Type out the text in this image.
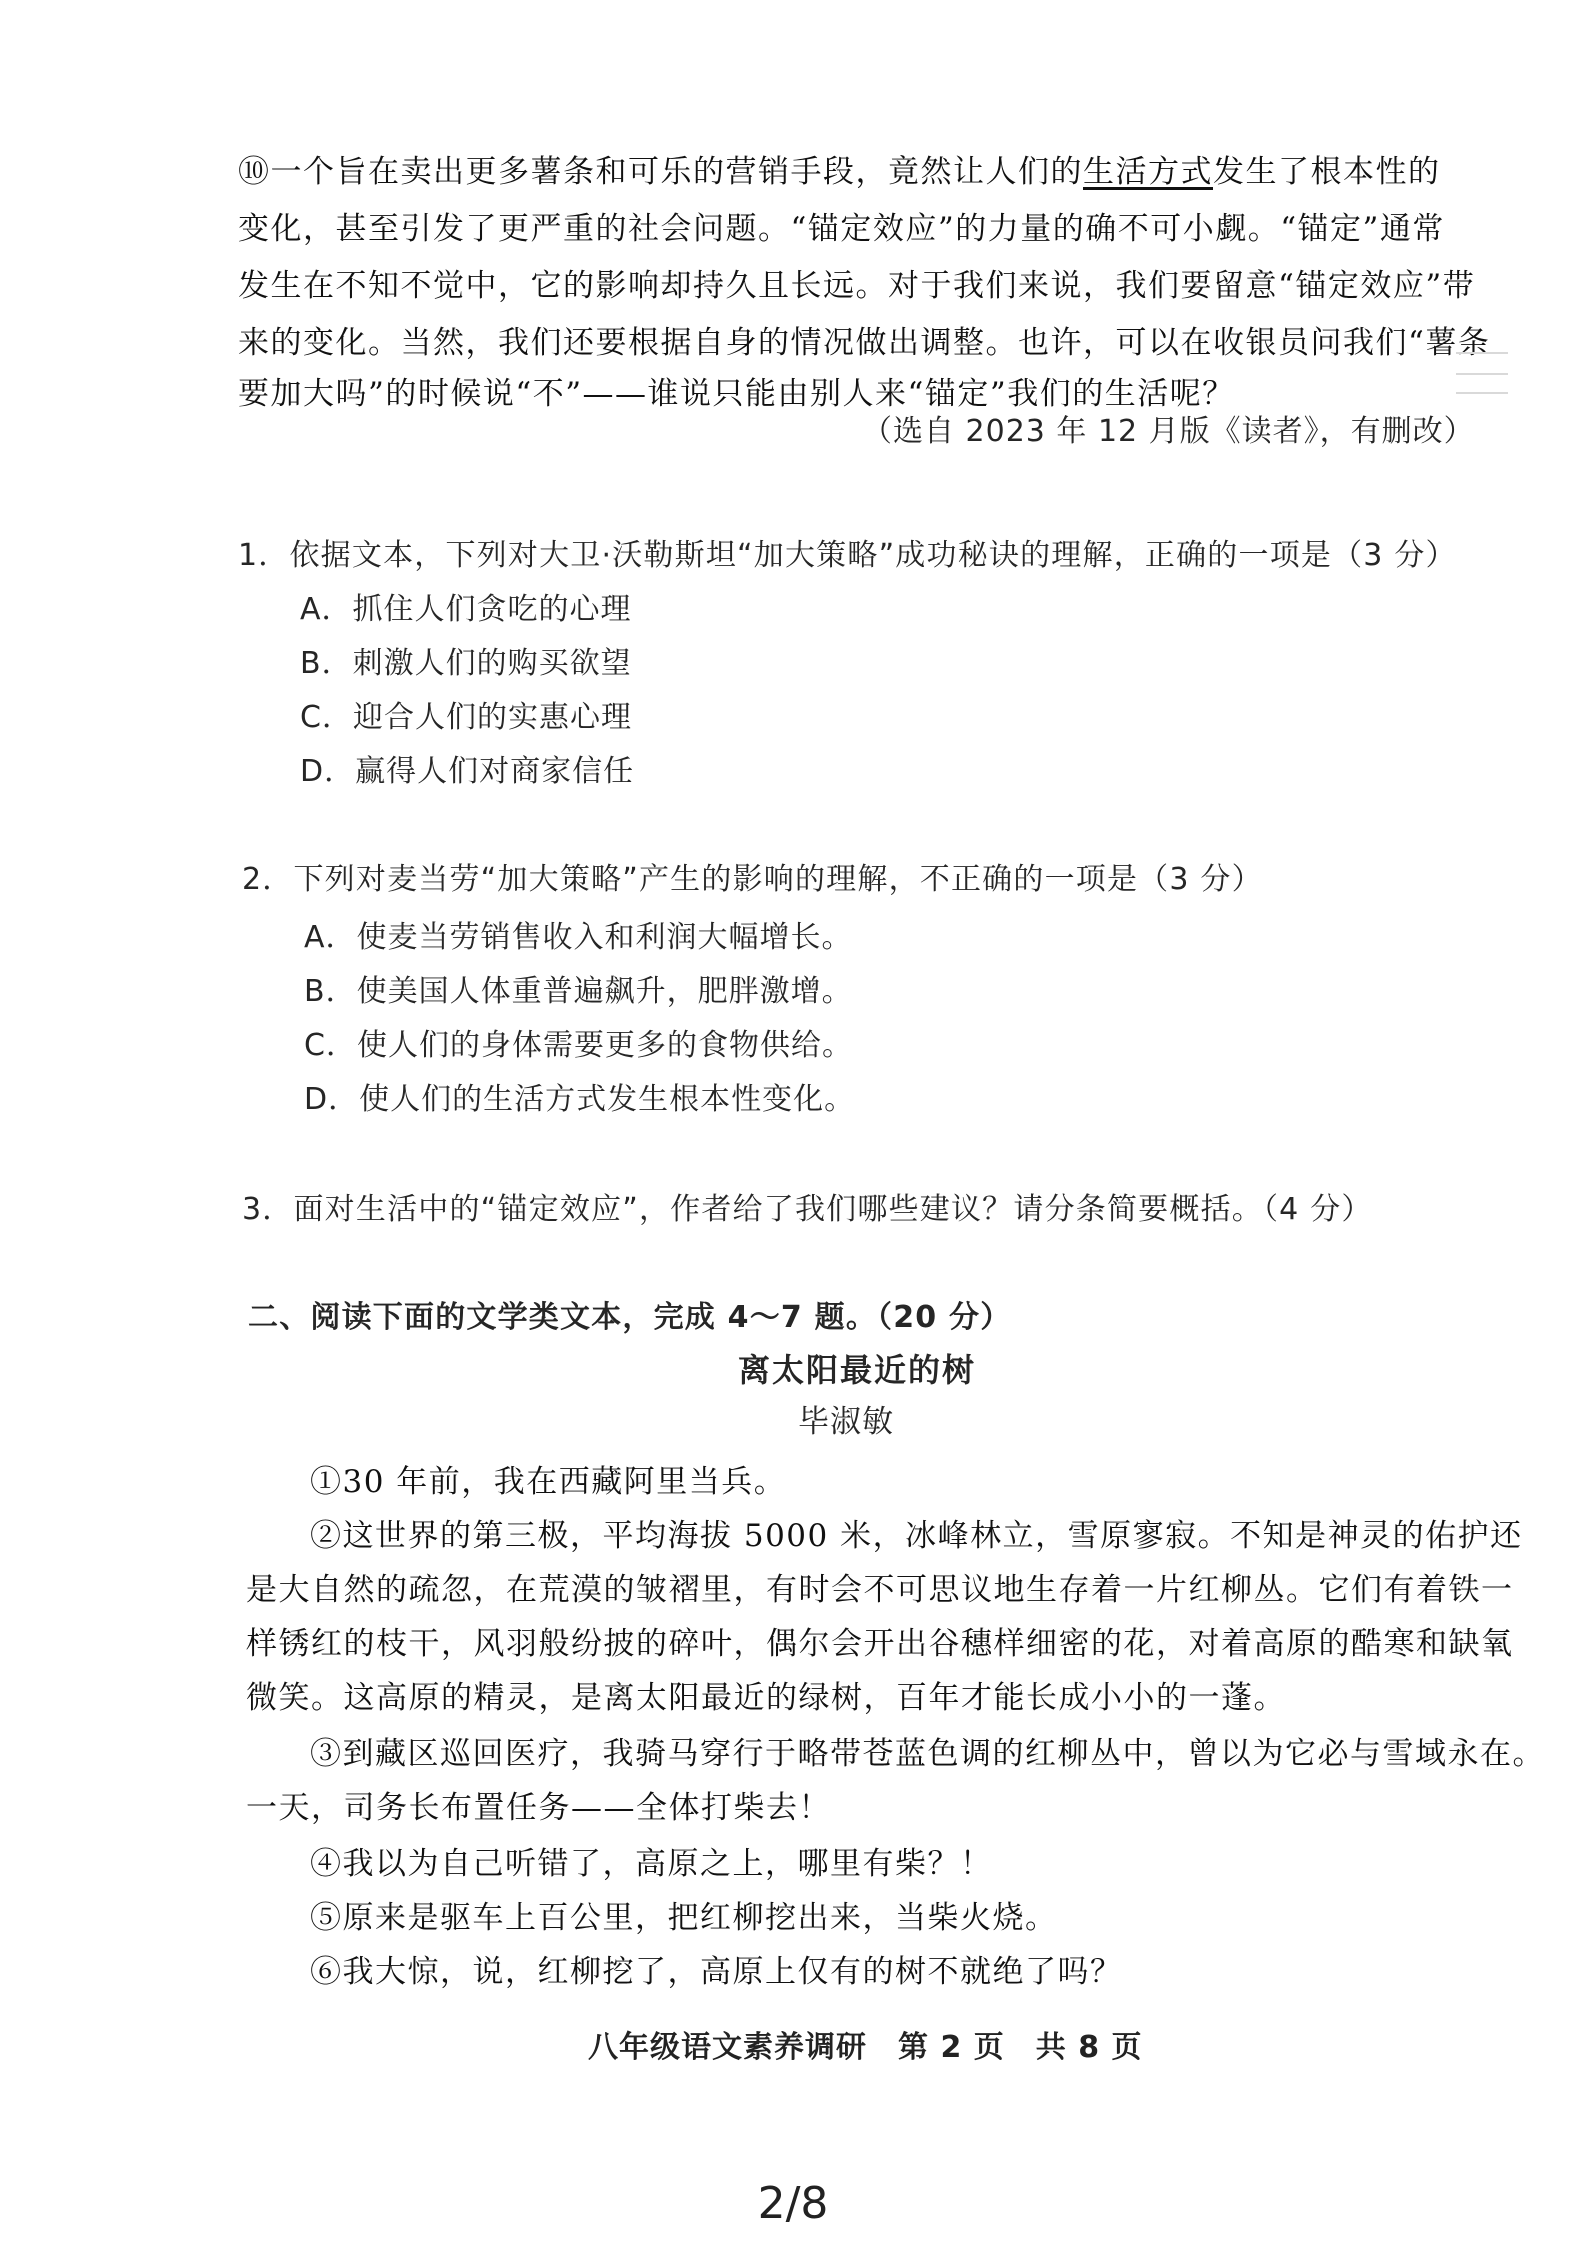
⑩一个旨在卖出更多薯条和可乐的营销手段，竟然让人们的生活方式发生了根本性的
变化，甚至引发了更严重的社会问题。“锚定效应”的力量的确不可小觑。“锚定”通常
发生在不知不觉中，它的影响却持久且长远。对于我们来说，我们要留意“锚定效应”带
来的变化。当然，我们还要根据自身的情况做出调整。也许，可以在收银员问我们“薯条
要加大吗”的时候说“不”——谁说只能由别人来“锚定”我们的生活呢？
（选自 2023 年 12 月版《读者》，有删改）
1．依据文本，下列对大卫·沃勒斯坦“加大策略”成功秘诀的理解，正确的一项是（3 分）
A．抓住人们贪吃的心理
B．刺激人们的购买欲望
C．迎合人们的实惠心理
D．赢得人们对商家信任
2．下列对麦当劳“加大策略”产生的影响的理解，不正确的一项是（3 分）
A．使麦当劳销售收入和利润大幅增长。
B．使美国人体重普遍飙升，肥胖激增。
C．使人们的身体需要更多的食物供给。
D．使人们的生活方式发生根本性变化。
3．面对生活中的“锚定效应”，作者给了我们哪些建议？请分条简要概括。（4 分）
二、阅读下面的文学类文本，完成 4～7 题。（20 分）
离太阳最近的树
毕淑敏
①30 年前，我在西藏阿里当兵。
②这世界的第三极，平均海拔 5000 米，冰峰林立，雪原寥寂。不知是神灵的佑护还
是大自然的疏忽，在荒漠的皱褶里，有时会不可思议地生存着一片红柳丛。它们有着铁一
样锈红的枝干，风羽般纷披的碎叶，偶尔会开出谷穗样细密的花，对着高原的酷寒和缺氧
微笑。这高原的精灵，是离太阳最近的绿树，百年才能长成小小的一蓬。
③到藏区巡回医疗，我骑马穿行于略带苍蓝色调的红柳丛中，曾以为它必与雪域永在。
一天，司务长布置任务——全体打柴去！
④我以为自己听错了，高原之上，哪里有柴？！
⑤原来是驱车上百公里，把红柳挖出来，当柴火烧。
⑥我大惊，说，红柳挖了，高原上仅有的树不就绝了吗？
八年级语文素养调研　第 2 页　共 8 页
2/8
